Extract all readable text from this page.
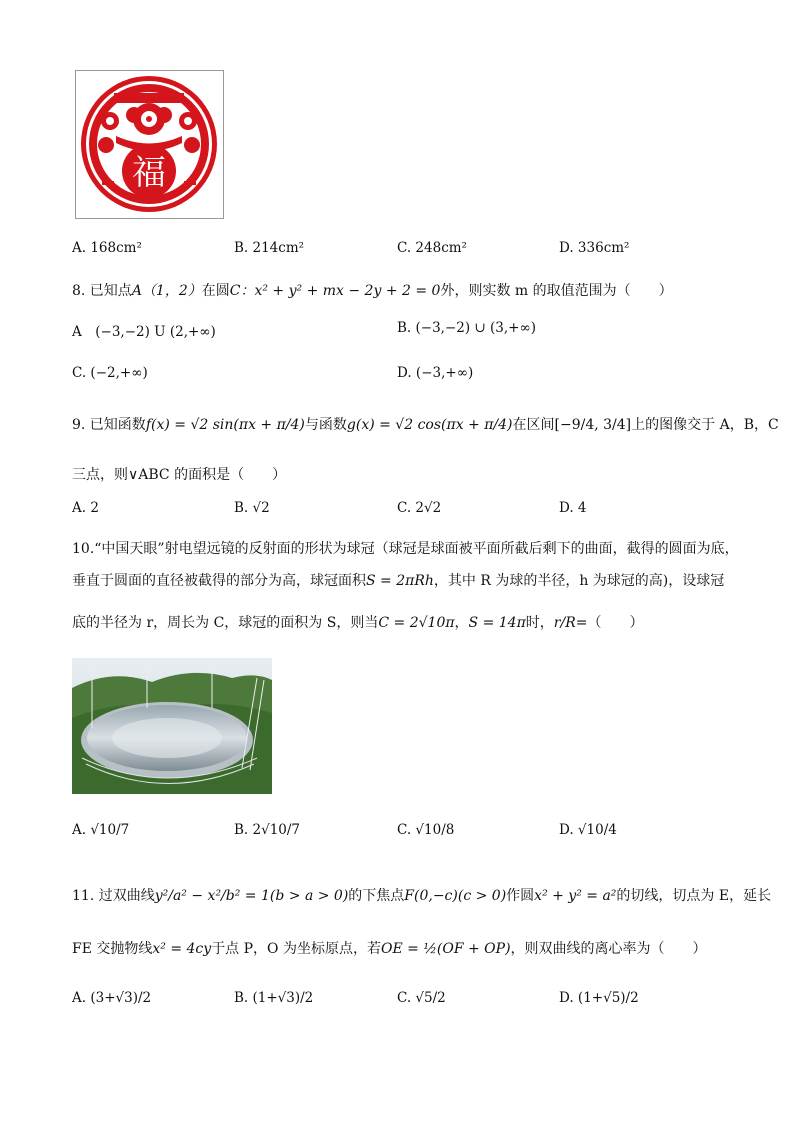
福
A. 168cm²	B. 214cm²	C. 248cm²	D. 336cm²
8. 已知点A（1，2）在圆C：x² + y² + mx − 2y + 2 = 0外，则实数 m 的取值范围为（　　）
A　(−3,−2) U (2,+∞)	B. (−3,−2) ∪ (3,+∞)
C. (−2,+∞)	D. (−3,+∞)
9. 已知函数f(x) = √2 sin(πx + π/4)与函数g(x) = √2 cos(πx + π/4)在区间[−9/4, 3/4]上的图像交于 A，B，C
三点，则∨ABC 的面积是（　　）
A. 2	B. √2	C. 2√2	D. 4
10.“中国天眼”射电望远镜的反射面的形状为球冠（球冠是球面被平面所截后剩下的曲面，截得的圆面为底，
垂直于圆面的直径被截得的部分为高，球冠面积S = 2πRh，其中 R 为球的半径，h 为球冠的高)，设球冠
底的半径为 r，周长为 C，球冠的面积为 S，则当C = 2√10π，S = 14π时，r/R=（　　）
A. √10/7	B. 2√10/7	C. √10/8	D. √10/4
11. 过双曲线y²/a² − x²/b² = 1(b > a > 0)的下焦点F(0,−c)(c > 0)作圆x² + y² = a²的切线，切点为 E，延长
FE 交抛物线x² = 4cy于点 P，O 为坐标原点，若OE = ½(OF + OP)，则双曲线的离心率为（　　）
A. (3+√3)/2	B. (1+√3)/2	C. √5/2	D. (1+√5)/2
